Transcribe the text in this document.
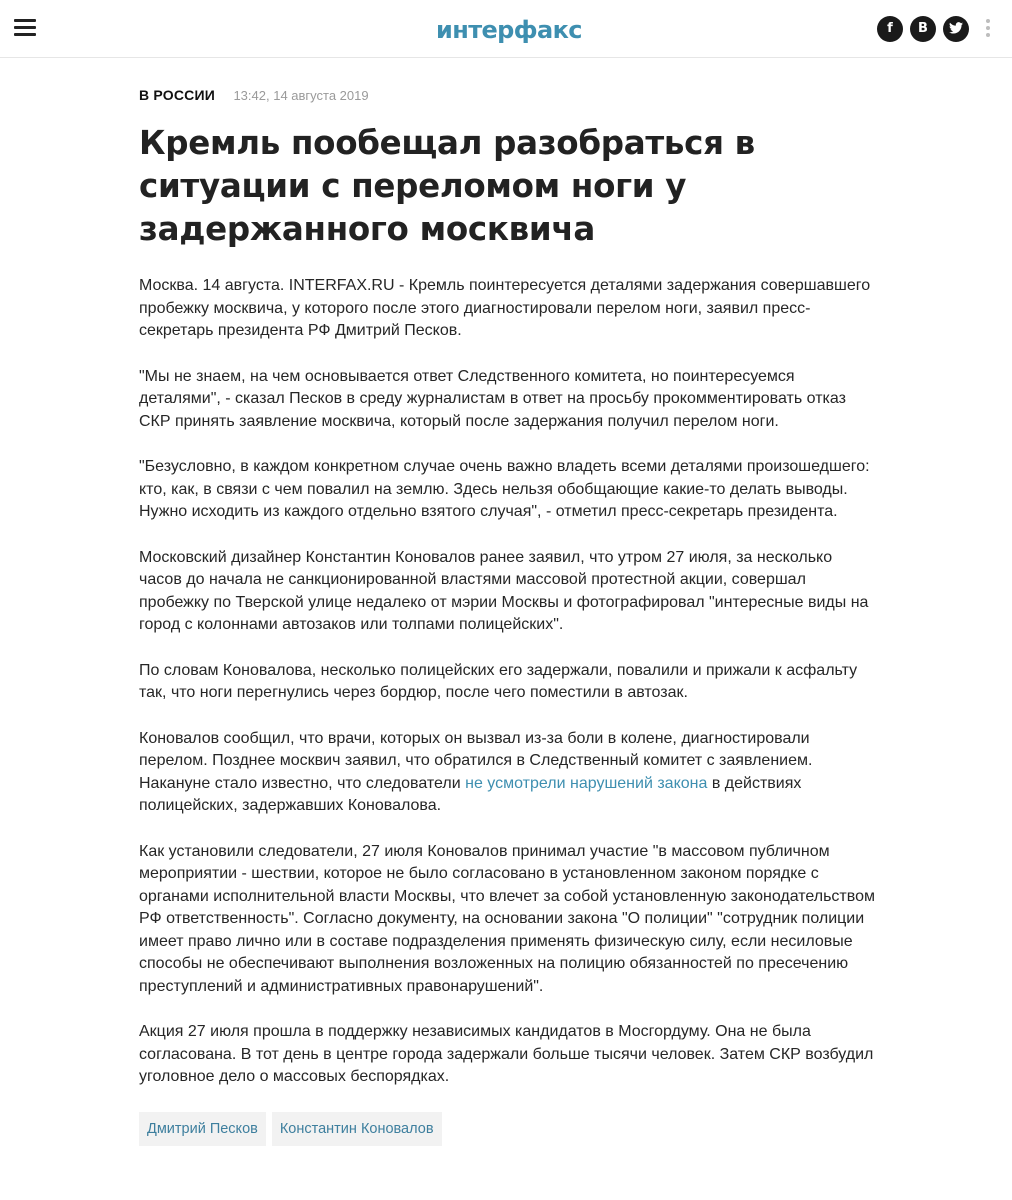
интерфакс	f	B
В РОССИИ 13:42, 14 августа 2019
Кремль пообещал разобраться в ситуации с переломом ноги у задержанного москвича

Москва. 14 августа. INTERFAX.RU - Кремль поинтересуется деталями задержания совершавшего пробежку москвича, у которого после этого диагностировали перелом ноги, заявил пресс-секретарь президента РФ Дмитрий Песков.

"Мы не знаем, на чем основывается ответ Следственного комитета, но поинтересуемся деталями", - сказал Песков в среду журналистам в ответ на просьбу прокомментировать отказ СКР принять заявление москвича, который после задержания получил перелом ноги.

"Безусловно, в каждом конкретном случае очень важно владеть всеми деталями произошедшего: кто, как, в связи с чем повалил на землю. Здесь нельзя обобщающие какие-то делать выводы. Нужно исходить из каждого отдельно взятого случая", - отметил пресс-секретарь президента.

Московский дизайнер Константин Коновалов ранее заявил, что утром 27 июля, за несколько часов до начала не санкционированной властями массовой протестной акции, совершал пробежку по Тверской улице недалеко от мэрии Москвы и фотографировал "интересные виды на город с колоннами автозаков или толпами полицейских".

По словам Коновалова, несколько полицейских его задержали, повалили и прижали к асфальту так, что ноги перегнулись через бордюр, после чего поместили в автозак.

Коновалов сообщил, что врачи, которых он вызвал из-за боли в колене, диагностировали перелом. Позднее москвич заявил, что обратился в Следственный комитет с заявлением. Накануне стало известно, что следователи не усмотрели нарушений закона в действиях полицейских, задержавших Коновалова.

Как установили следователи, 27 июля Коновалов принимал участие "в массовом публичном мероприятии - шествии, которое не было согласовано в установленном законом порядке с органами исполнительной власти Москвы, что влечет за собой установленную законодательством РФ ответственность". Согласно документу, на основании закона "О полиции" "сотрудник полиции имеет право лично или в составе подразделения применять физическую силу, если несиловые способы не обеспечивают выполнения возложенных на полицию обязанностей по пресечению преступлений и административных правонарушений".

Акция 27 июля прошла в поддержку независимых кандидатов в Мосгордуму. Она не была согласована. В тот день в центре города задержали больше тысячи человек. Затем СКР возбудил уголовное дело о массовых беспорядках.

Дмитрий Песков	Константин Коновалов
